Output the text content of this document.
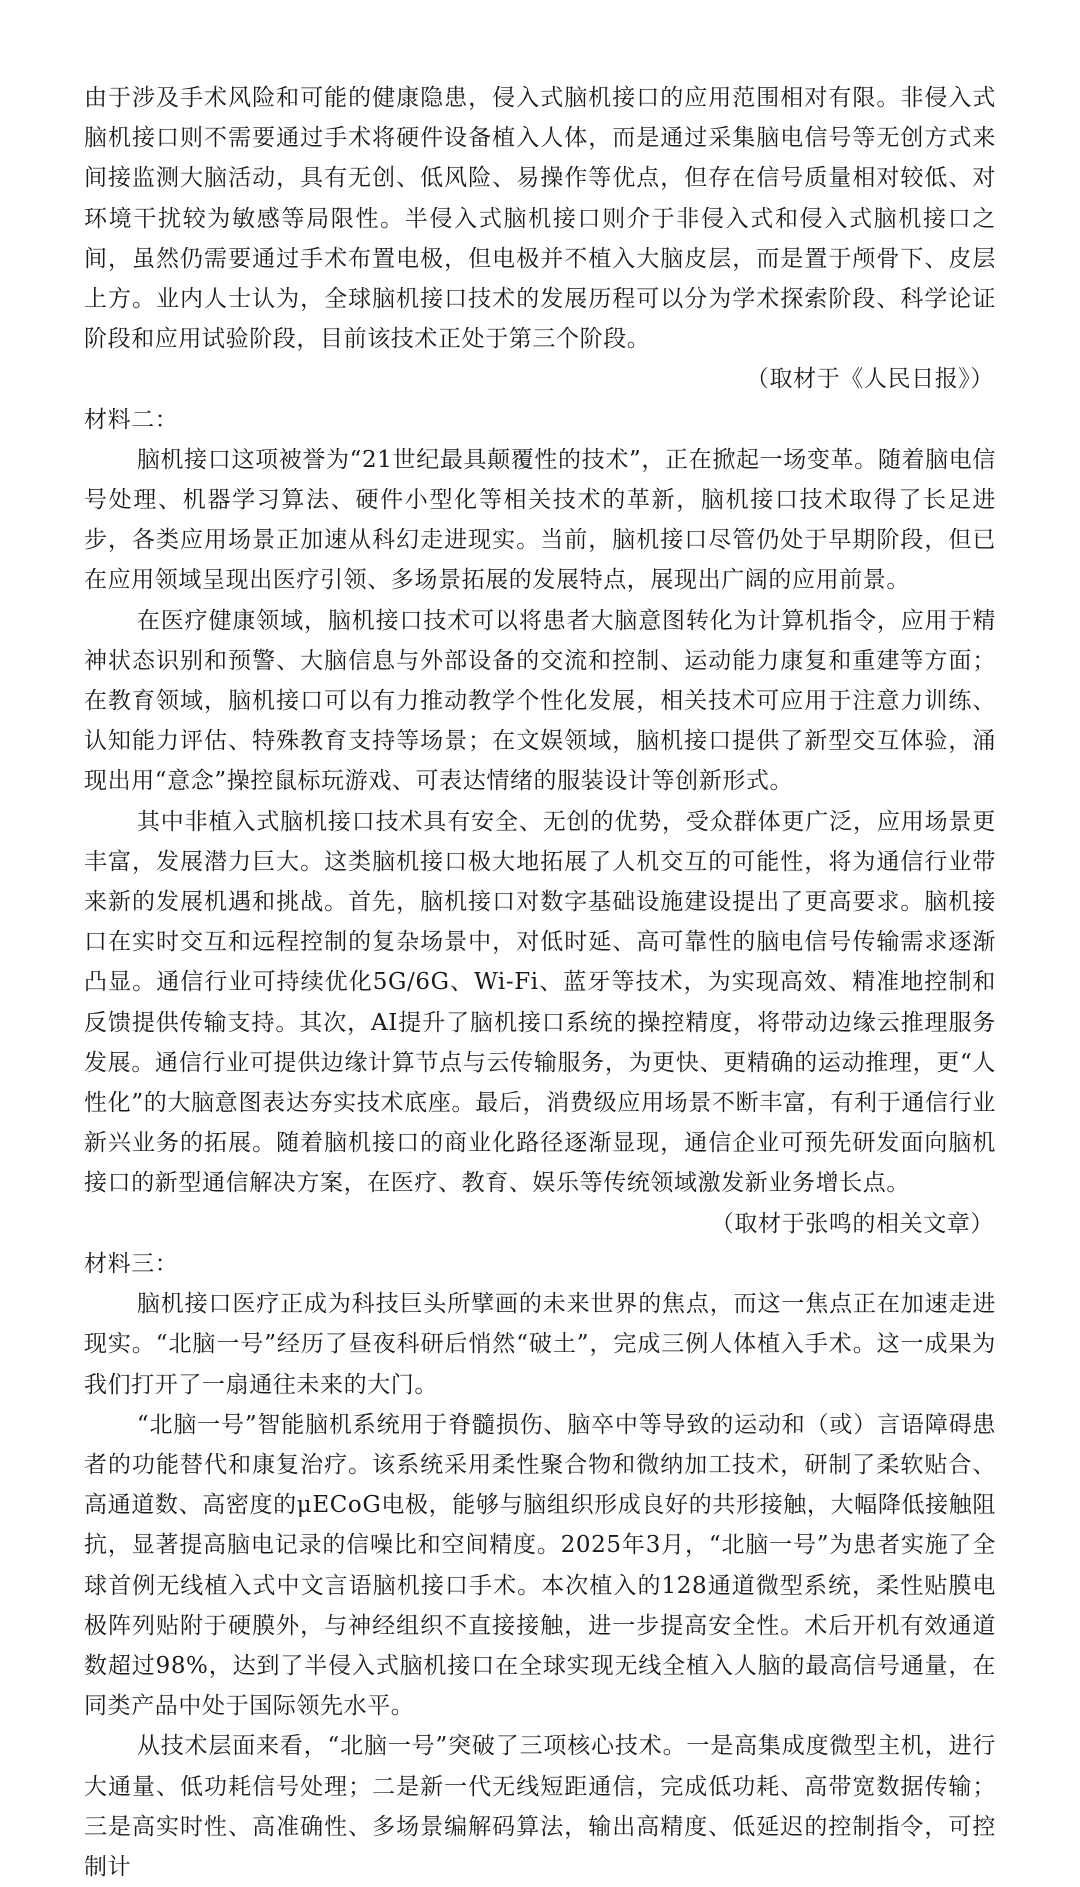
由于涉及手术风险和可能的健康隐患，侵入式脑机接口的应用范围相对有限。非侵入式脑机接口则不需要通过手术将硬件设备植入人体，而是通过采集脑电信号等无创方式来间接监测大脑活动，具有无创、低风险、易操作等优点，但存在信号质量相对较低、对环境干扰较为敏感等局限性。半侵入式脑机接口则介于非侵入式和侵入式脑机接口之间，虽然仍需要通过手术布置电极，但电极并不植入大脑皮层，而是置于颅骨下、皮层上方。业内人士认为，全球脑机接口技术的发展历程可以分为学术探索阶段、科学论证阶段和应用试验阶段，目前该技术正处于第三个阶段。

（取材于《人民日报》）

材料二：

脑机接口这项被誉为“21世纪最具颠覆性的技术”，正在掀起一场变革。随着脑电信号处理、机器学习算法、硬件小型化等相关技术的革新，脑机接口技术取得了长足进步，各类应用场景正加速从科幻走进现实。当前，脑机接口尽管仍处于早期阶段，但已在应用领域呈现出医疗引领、多场景拓展的发展特点，展现出广阔的应用前景。

在医疗健康领域，脑机接口技术可以将患者大脑意图转化为计算机指令，应用于精神状态识别和预警、大脑信息与外部设备的交流和控制、运动能力康复和重建等方面；在教育领域，脑机接口可以有力推动教学个性化发展，相关技术可应用于注意力训练、认知能力评估、特殊教育支持等场景；在文娱领域，脑机接口提供了新型交互体验，涌现出用“意念”操控鼠标玩游戏、可表达情绪的服装设计等创新形式。

其中非植入式脑机接口技术具有安全、无创的优势，受众群体更广泛，应用场景更丰富，发展潜力巨大。这类脑机接口极大地拓展了人机交互的可能性，将为通信行业带来新的发展机遇和挑战。首先，脑机接口对数字基础设施建设提出了更高要求。脑机接口在实时交互和远程控制的复杂场景中，对低时延、高可靠性的脑电信号传输需求逐渐凸显。通信行业可持续优化5G/6G、Wi-Fi、蓝牙等技术，为实现高效、精准地控制和反馈提供传输支持。其次，AI提升了脑机接口系统的操控精度，将带动边缘云推理服务发展。通信行业可提供边缘计算节点与云传输服务，为更快、更精确的运动推理，更“人性化”的大脑意图表达夯实技术底座。最后，消费级应用场景不断丰富，有利于通信行业新兴业务的拓展。随着脑机接口的商业化路径逐渐显现，通信企业可预先研发面向脑机接口的新型通信解决方案，在医疗、教育、娱乐等传统领域激发新业务增长点。

（取材于张鸣的相关文章）

材料三：

脑机接口医疗正成为科技巨头所擘画的未来世界的焦点，而这一焦点正在加速走进现实。“北脑一号”经历了昼夜科研后悄然“破土”，完成三例人体植入手术。这一成果为我们打开了一扇通往未来的大门。

“北脑一号”智能脑机系统用于脊髓损伤、脑卒中等导致的运动和（或）言语障碍患者的功能替代和康复治疗。该系统采用柔性聚合物和微纳加工技术，研制了柔软贴合、高通道数、高密度的μECoG电极，能够与脑组织形成良好的共形接触，大幅降低接触阻抗，显著提高脑电记录的信噪比和空间精度。2025年3月，“北脑一号”为患者实施了全球首例无线植入式中文言语脑机接口手术。本次植入的128通道微型系统，柔性贴膜电极阵列贴附于硬膜外，与神经组织不直接接触，进一步提高安全性。术后开机有效通道数超过98%，达到了半侵入式脑机接口在全球实现无线全植入人脑的最高信号通量，在同类产品中处于国际领先水平。

从技术层面来看，“北脑一号”突破了三项核心技术。一是高集成度微型主机，进行大通量、低功耗信号处理；二是新一代无线短距通信，完成低功耗、高带宽数据传输；三是高实时性、高准确性、多场景编解码算法，输出高精度、低延迟的控制指令，可控制计
